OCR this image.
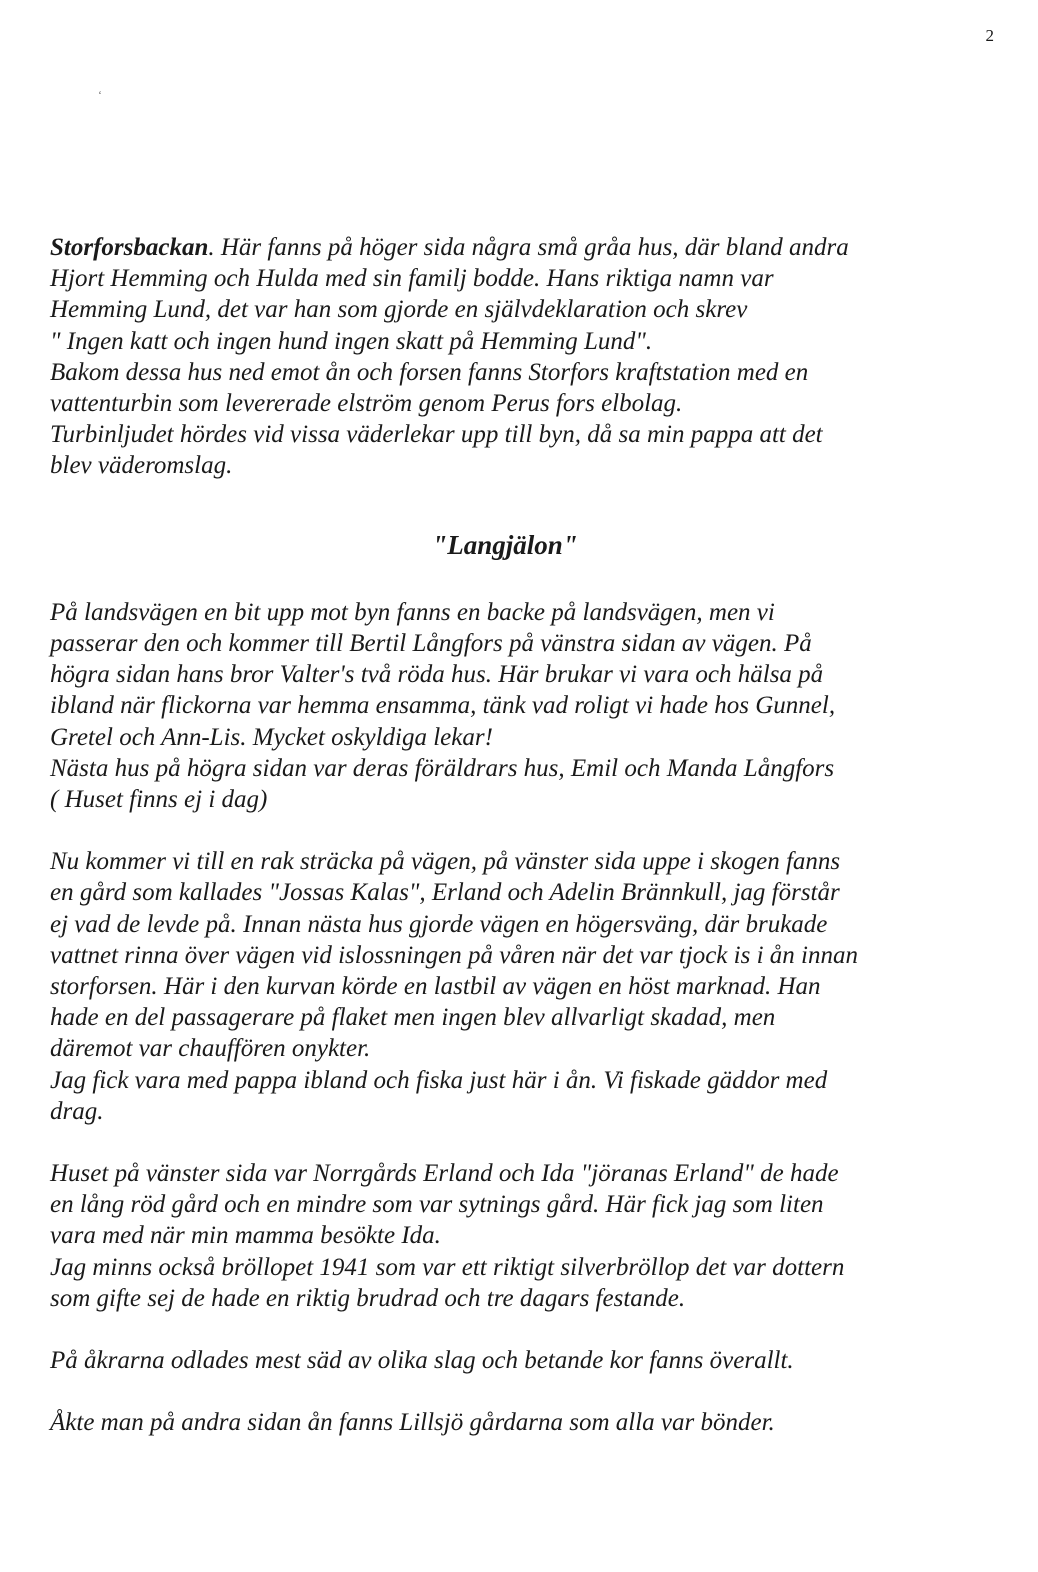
2
‘

Storforsbackan. Här fanns på höger sida några små gråa hus, där bland andra
Hjort Hemming och Hulda med sin familj bodde. Hans riktiga namn var
Hemming Lund, det var han som gjorde en självdeklaration och skrev
" Ingen katt och ingen hund ingen skatt på Hemming Lund".
Bakom dessa hus ned emot ån och forsen fanns Storfors kraftstation med en
vattenturbin som levererade elström genom Perus fors elbolag.
Turbinljudet hördes vid vissa väderlekar upp till byn, då sa min pappa att det
blev väderomslag.

"Langjälon"

På landsvägen en bit upp mot byn fanns en backe på landsvägen, men vi
passerar den och kommer till Bertil Långfors på vänstra sidan av vägen. På
högra sidan hans bror Valter's två röda hus. Här brukar vi vara och hälsa på
ibland när flickorna var hemma ensamma, tänk vad roligt vi hade hos Gunnel,
Gretel och Ann-Lis. Mycket oskyldiga lekar!
Nästa hus på högra sidan var deras föräldrars hus, Emil och Manda Långfors
( Huset finns ej i dag)

Nu kommer vi till en rak sträcka på vägen, på vänster sida uppe i skogen fanns
en gård som kallades "Jossas Kalas", Erland och Adelin Brännkull, jag förstår
ej vad de levde på. Innan nästa hus gjorde vägen en högersväng, där brukade
vattnet rinna över vägen vid islossningen på våren när det var tjock is i ån innan
storforsen. Här i den kurvan körde en lastbil av vägen en höst marknad. Han
hade en del passagerare på flaket men ingen blev allvarligt skadad, men
däremot var chauffören onykter.
Jag fick vara med pappa ibland och fiska just här i ån. Vi fiskade gäddor med
drag.

Huset på vänster sida var Norrgårds Erland och Ida "jöranas Erland" de hade
en lång röd gård och en mindre som var sytnings gård. Här fick jag som liten
vara med när min mamma besökte Ida.
Jag minns också bröllopet 1941 som var ett riktigt silverbröllop det var dottern
som gifte sej de hade en riktig brudrad och tre dagars festande.

På åkrarna odlades mest säd av olika slag och betande kor fanns överallt.

Åkte man på andra sidan ån fanns Lillsjö gårdarna som alla var bönder.
